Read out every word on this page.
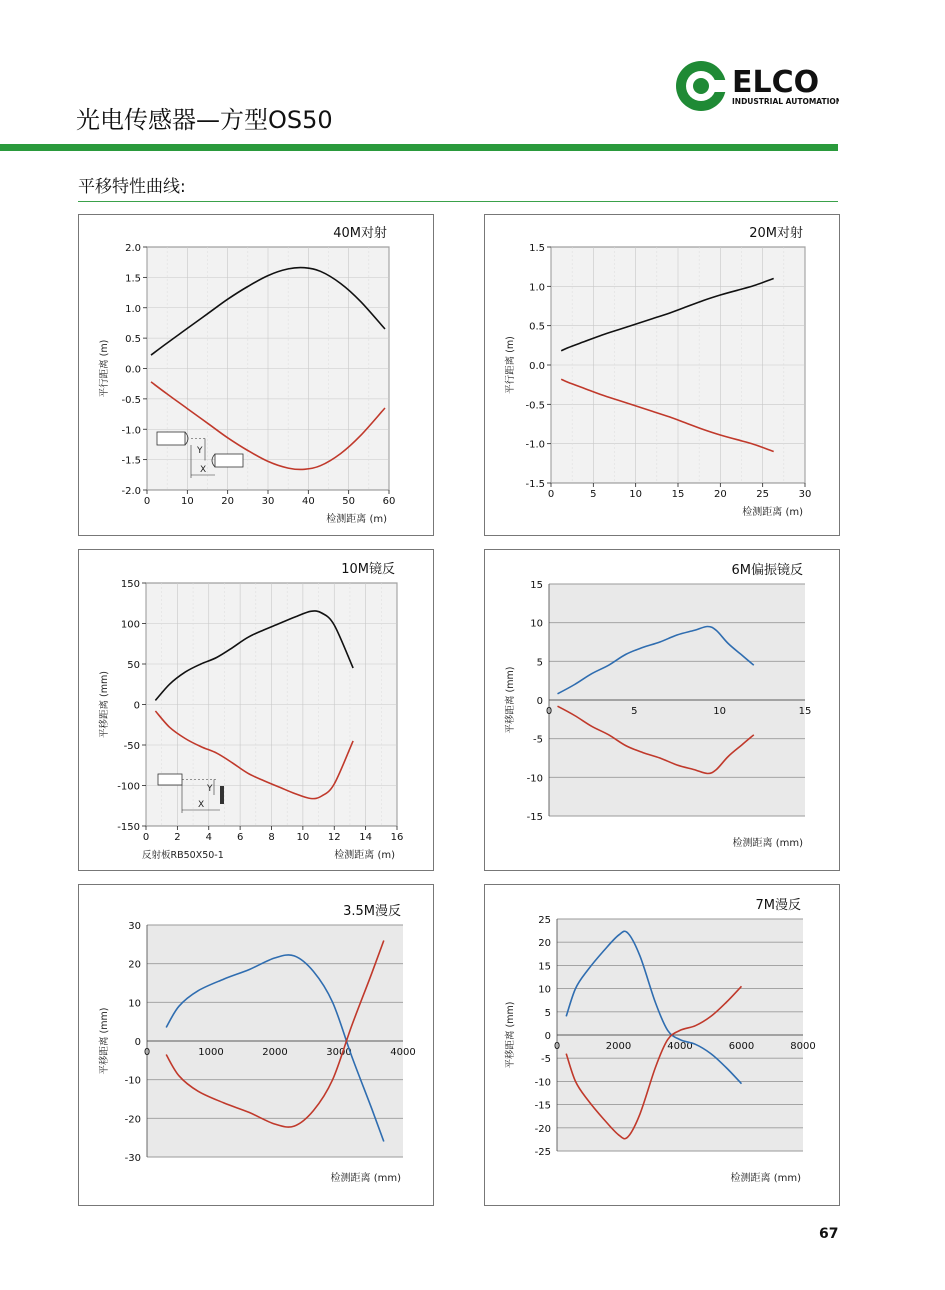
光电传感器—方型OS50
ELCO
INDUSTRIAL AUTOMATION
平移特性曲线:
0	10	20	30	40	50	60
-2.0
-1.5
-1.0
-0.5
0.0
0.5
1.0
1.5
2.0
40M对射
平行距离 (m)
检测距离 (m)
Y
X
0	5	10	15	20	25	30
-1.5
-1.0
-0.5
0.0
0.5
1.0
1.5
20M对射
平行距离 (m)
检测距离 (m)
0	2	4	6	8 10 12 14 16
-150
-100
-50
0
50
100
150
10M镜反
平移距离 (mm)
检测距离 (m)
反射板RB50X50-1
Y
X
0	5	10	15
-15
-10
-5
0
5
10
15
6M偏振镜反
平移距离 (mm)
检测距离 (mm)
0	1000	2000	3000	4000
-30
-20
-10
0
10
20
30
3.5M漫反
平移距离 (mm)
检测距离 (mm)
0	2000	4000	6000	8000
-25
-20
-15
-10
-5
0
5
10
15
20
25
7M漫反
平移距离 (mm)
检测距离 (mm)
67
